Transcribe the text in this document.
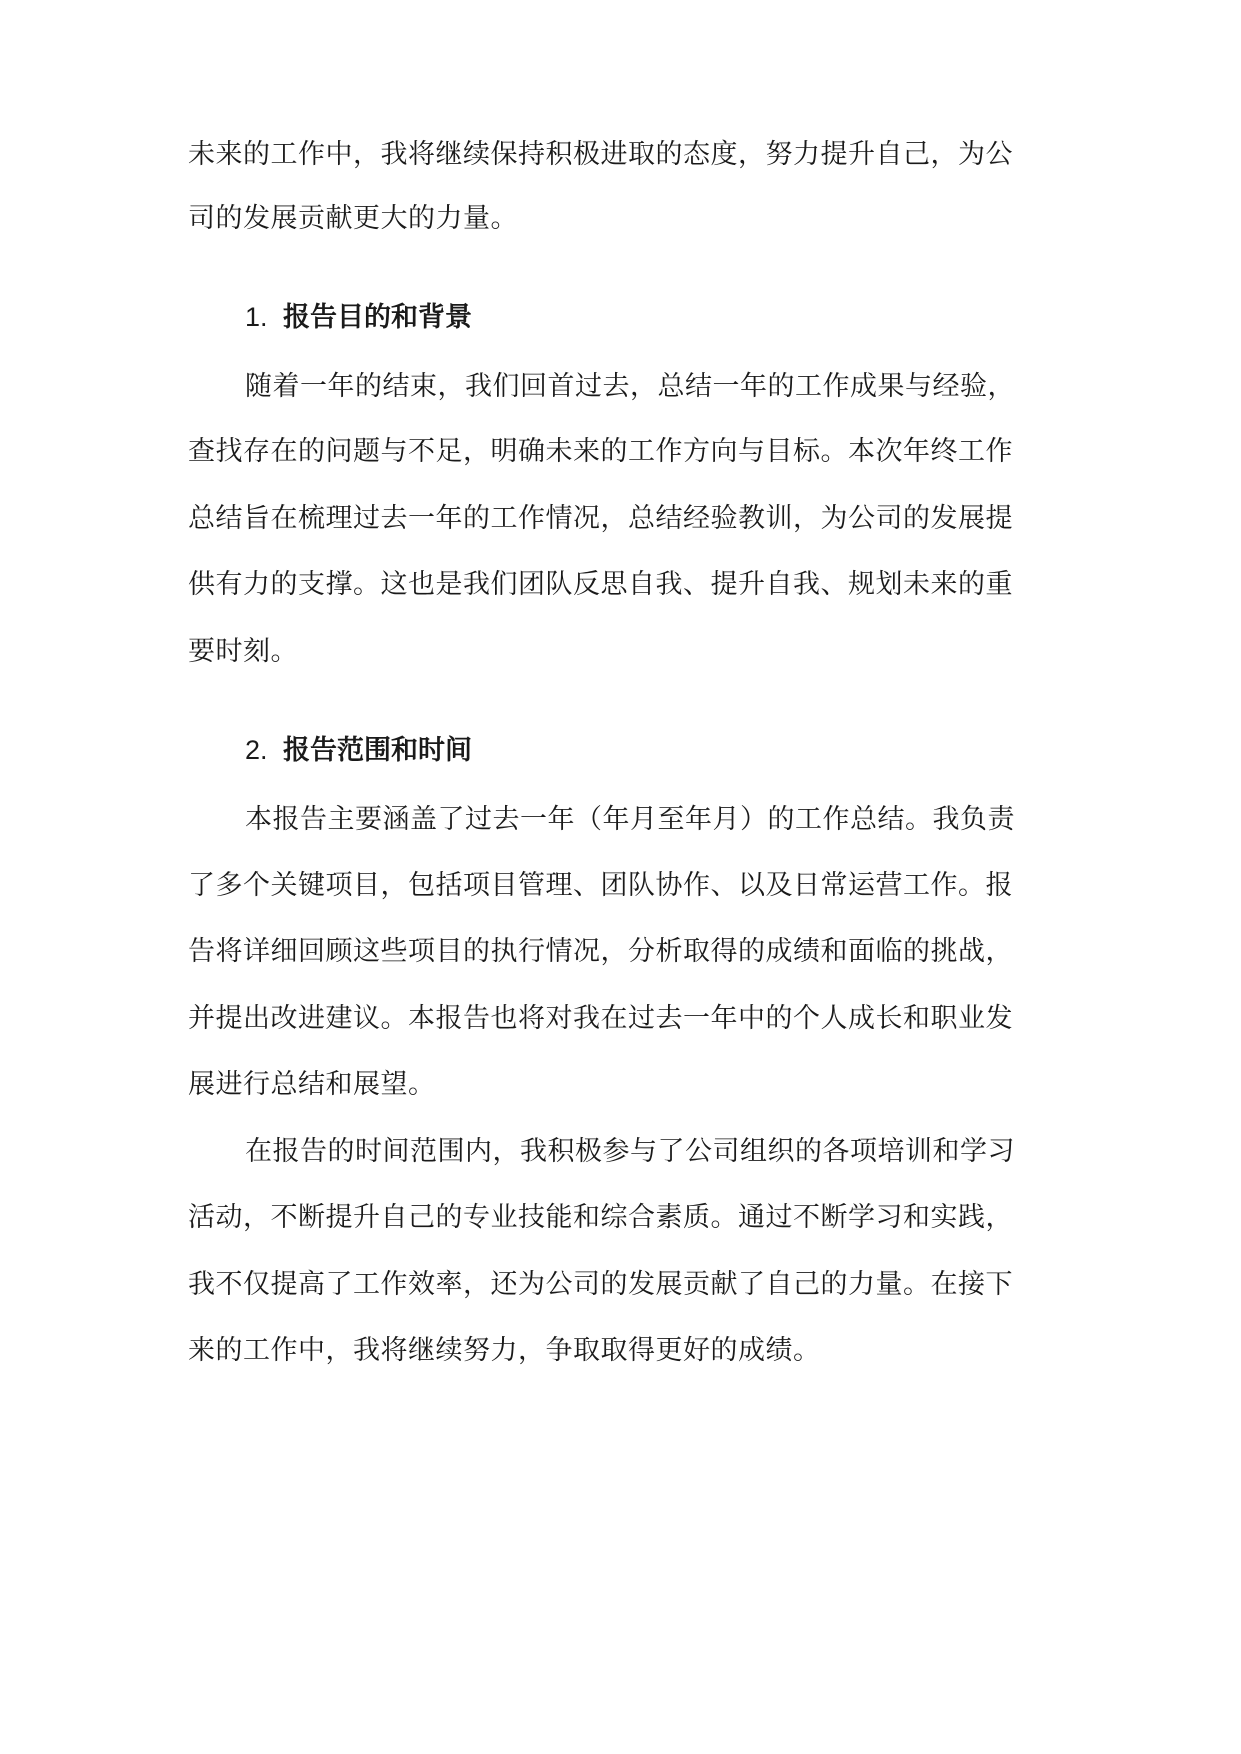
未来的工作中，我将继续保持积极进取的态度，努力提升自己，为公
司的发展贡献更大的力量。
1. 报告目的和背景
随着一年的结束，我们回首过去，总结一年的工作成果与经验，
查找存在的问题与不足，明确未来的工作方向与目标。本次年终工作
总结旨在梳理过去一年的工作情况，总结经验教训，为公司的发展提
供有力的支撑。这也是我们团队反思自我、提升自我、规划未来的重
要时刻。
2. 报告范围和时间
本报告主要涵盖了过去一年（年月至年月）的工作总结。我负责
了多个关键项目，包括项目管理、团队协作、以及日常运营工作。报
告将详细回顾这些项目的执行情况，分析取得的成绩和面临的挑战，
并提出改进建议。本报告也将对我在过去一年中的个人成长和职业发
展进行总结和展望。
在报告的时间范围内，我积极参与了公司组织的各项培训和学习
活动，不断提升自己的专业技能和综合素质。通过不断学习和实践，
我不仅提高了工作效率，还为公司的发展贡献了自己的力量。在接下
来的工作中，我将继续努力，争取取得更好的成绩。
